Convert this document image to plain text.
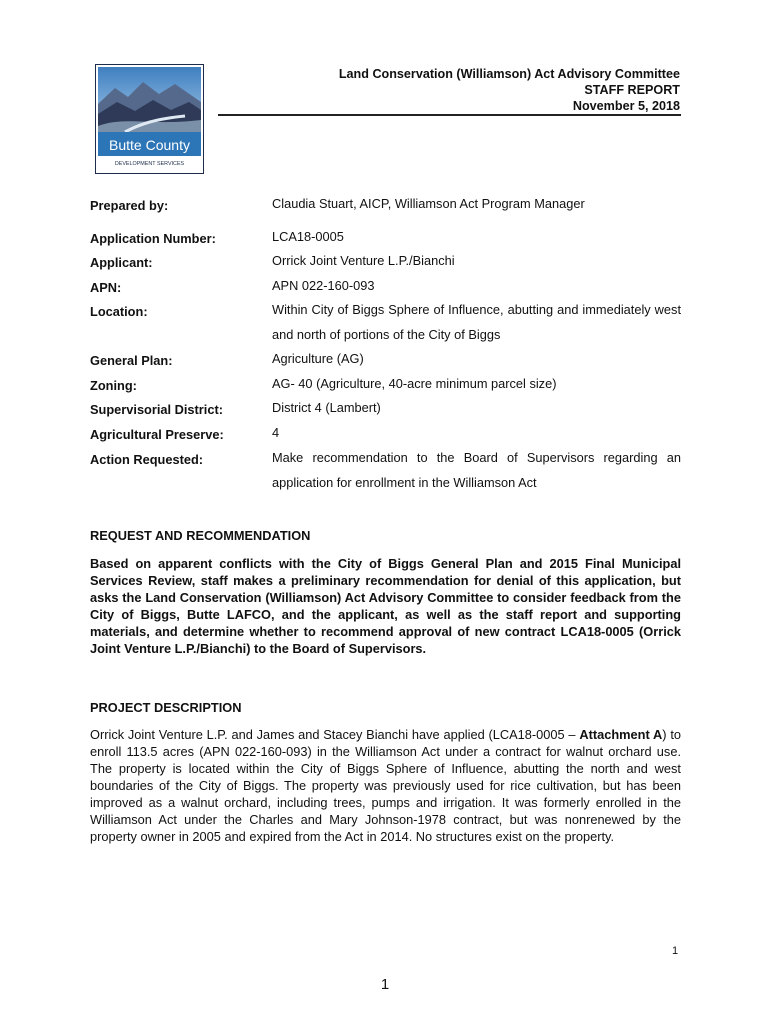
Butte County
DEVELOPMENT SERVICES
Land Conservation (Williamson) Act Advisory Committee
STAFF REPORT
November 5, 2018
Prepared by:	Claudia Stuart, AICP, Williamson Act Program Manager
Application Number:	LCA18-0005
Applicant:	Orrick Joint Venture L.P./Bianchi
APN:	APN 022-160-093
Location:	Within City of Biggs Sphere of Influence, abutting and immediately west and north of portions of the City of Biggs
General Plan:	Agriculture (AG)
Zoning:	AG- 40 (Agriculture, 40-acre minimum parcel size)
Supervisorial District:	District 4 (Lambert)
Agricultural Preserve:	4
Action Requested:	Make recommendation to the Board of Supervisors regarding an application for enrollment in the Williamson Act
REQUEST AND RECOMMENDATION
Based on apparent conflicts with the City of Biggs General Plan and 2015 Final Municipal Services Review, staff makes a preliminary recommendation for denial of this application, but asks the Land Conservation (Williamson) Act Advisory Committee to consider feedback from the City of Biggs, Butte LAFCO, and the applicant, as well as the staff report and supporting materials, and determine whether to recommend approval of new contract LCA18-0005 (Orrick Joint Venture L.P./Bianchi) to the Board of Supervisors.
PROJECT DESCRIPTION
Orrick Joint Venture L.P. and James and Stacey Bianchi have applied (LCA18-0005 – Attachment A) to enroll 113.5 acres (APN 022-160-093) in the Williamson Act under a contract for walnut orchard use. The property is located within the City of Biggs Sphere of Influence, abutting the north and west boundaries of the City of Biggs. The property was previously used for rice cultivation, but has been improved as a walnut orchard, including trees, pumps and irrigation. It was formerly enrolled in the Williamson Act under the Charles and Mary Johnson-1978 contract, but was nonrenewed by the property owner in 2005 and expired from the Act in 2014. No structures exist on the property.
1
1
